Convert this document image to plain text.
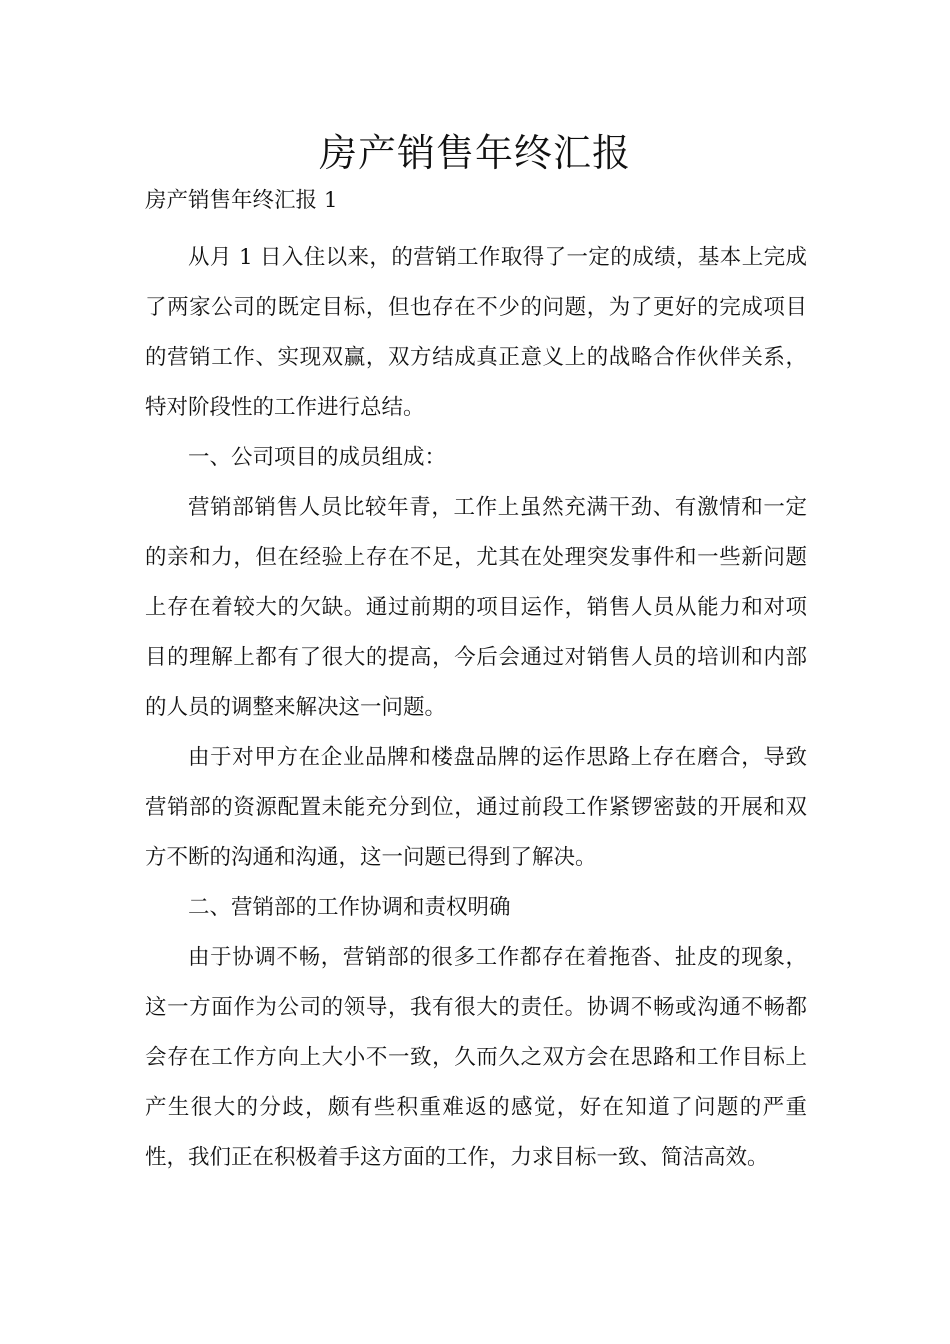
房产销售年终汇报

房产销售年终汇报 1

从月 1 日入住以来，的营销工作取得了一定的成绩，基本上完成了两家公司的既定目标，但也存在不少的问题，为了更好的完成项目的营销工作、实现双赢，双方结成真正意义上的战略合作伙伴关系，特对阶段性的工作进行总结。

一、公司项目的成员组成：

营销部销售人员比较年青，工作上虽然充满干劲、有激情和一定的亲和力，但在经验上存在不足，尤其在处理突发事件和一些新问题上存在着较大的欠缺。通过前期的项目运作，销售人员从能力和对项目的理解上都有了很大的提高，今后会通过对销售人员的培训和内部的人员的调整来解决这一问题。

由于对甲方在企业品牌和楼盘品牌的运作思路上存在磨合，导致营销部的资源配置未能充分到位，通过前段工作紧锣密鼓的开展和双方不断的沟通和沟通，这一问题已得到了解决。

二、营销部的工作协调和责权明确

由于协调不畅，营销部的很多工作都存在着拖沓、扯皮的现象，这一方面作为公司的领导，我有很大的责任。协调不畅或沟通不畅都会存在工作方向上大小不一致，久而久之双方会在思路和工作目标上产生很大的分歧，颇有些积重难返的感觉，好在知道了问题的严重性，我们正在积极着手这方面的工作，力求目标一致、简洁高效。
